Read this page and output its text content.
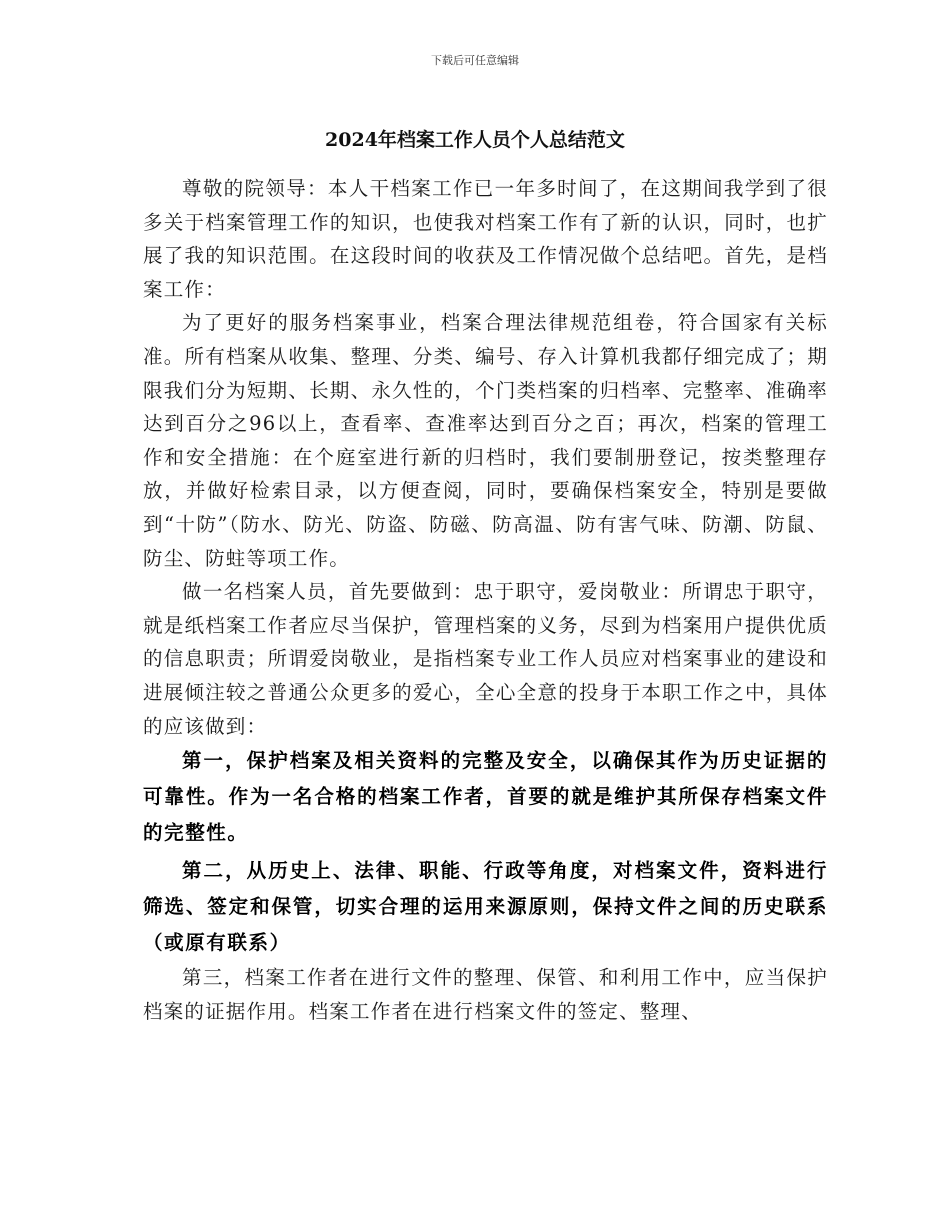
下载后可任意编辑
2024年档案工作人员个人总结范文

尊敬的院领导：本人干档案工作已一年多时间了，在这期间我学到了很多关于档案管理工作的知识，也使我对档案工作有了新的认识，同时，也扩展了我的知识范围。在这段时间的收获及工作情况做个总结吧。首先，是档案工作：

为了更好的服务档案事业，档案合理法律规范组卷，符合国家有关标准。所有档案从收集、整理、分类、编号、存入计算机我都仔细完成了；期限我们分为短期、长期、永久性的，个门类档案的归档率、完整率、准确率达到百分之96以上，查看率、查准率达到百分之百；再次，档案的管理工作和安全措施：在个庭室进行新的归档时，我们要制册登记，按类整理存放，并做好检索目录，以方便查阅，同时，要确保档案安全，特别是要做到“十防”（防水、防光、防盗、防磁、防高温、防有害气味、防潮、防鼠、防尘、防蛀等项工作。

做一名档案人员，首先要做到：忠于职守，爱岗敬业：所谓忠于职守，就是纸档案工作者应尽当保护，管理档案的义务，尽到为档案用户提供优质的信息职责；所谓爱岗敬业，是指档案专业工作人员应对档案事业的建设和进展倾注较之普通公众更多的爱心，全心全意的投身于本职工作之中，具体的应该做到：

第一，保护档案及相关资料的完整及安全，以确保其作为历史证据的可靠性。作为一名合格的档案工作者，首要的就是维护其所保存档案文件的完整性。

第二，从历史上、法律、职能、行政等角度，对档案文件，资料进行筛选、签定和保管，切实合理的运用来源原则，保持文件之间的历史联系（或原有联系）

第三，档案工作者在进行文件的整理、保管、和利用工作中，应当保护档案的证据作用。档案工作者在进行档案文件的签定、整理、
